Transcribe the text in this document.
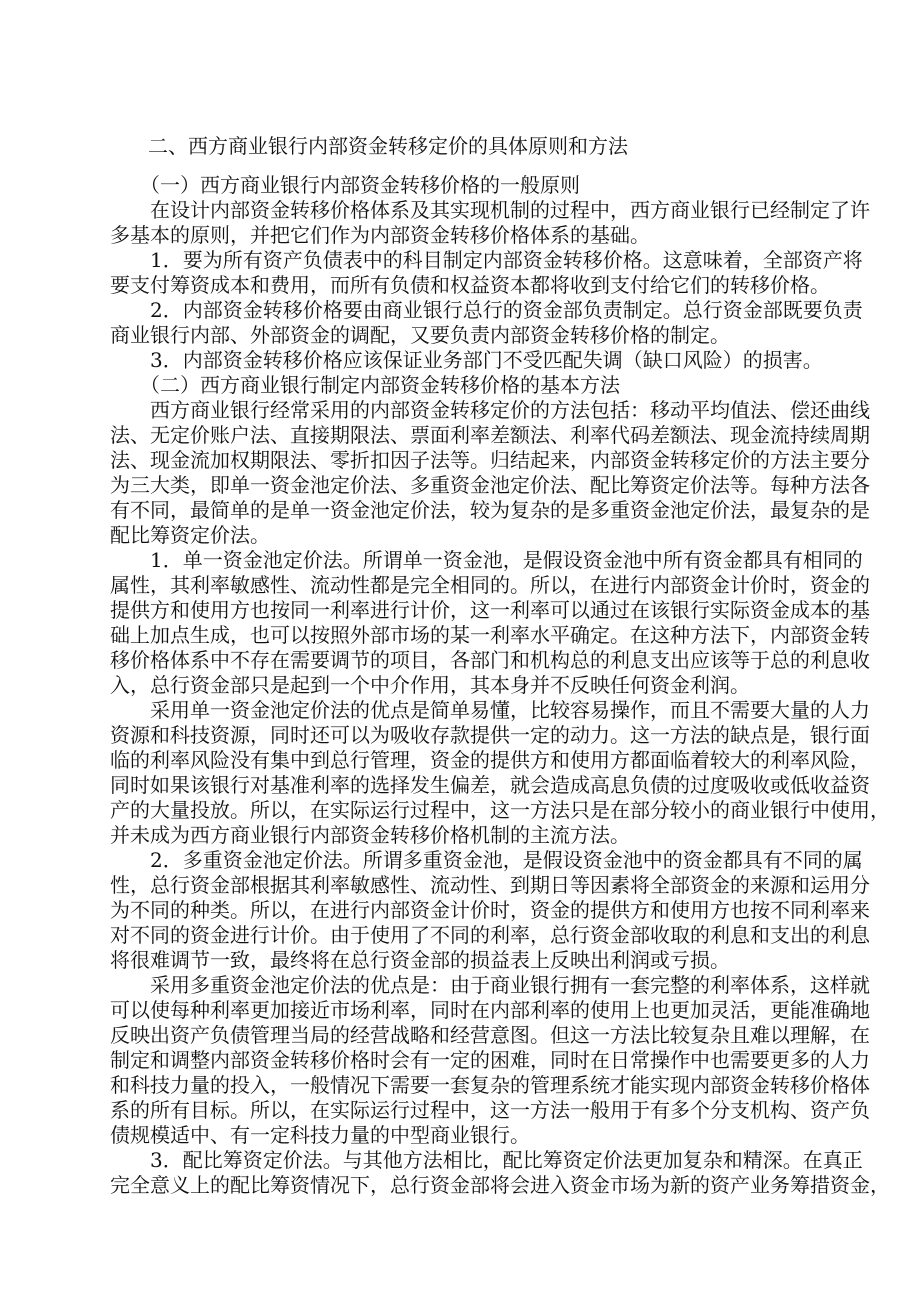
二、西方商业银行内部资金转移定价的具体原则和方法
（一）西方商业银行内部资金转移价格的一般原则
在设计内部资金转移价格体系及其实现机制的过程中，西方商业银行已经制定了许
多基本的原则，并把它们作为内部资金转移价格体系的基础。
1．要为所有资产负债表中的科目制定内部资金转移价格。这意味着，全部资产将
要支付筹资成本和费用，而所有负债和权益资本都将收到支付给它们的转移价格。
2．内部资金转移价格要由商业银行总行的资金部负责制定。总行资金部既要负责
商业银行内部、外部资金的调配，又要负责内部资金转移价格的制定。
3．内部资金转移价格应该保证业务部门不受匹配失调（缺口风险）的损害。
（二）西方商业银行制定内部资金转移价格的基本方法
西方商业银行经常采用的内部资金转移定价的方法包括：移动平均值法、偿还曲线
法、无定价账户法、直接期限法、票面利率差额法、利率代码差额法、现金流持续周期
法、现金流加权期限法、零折扣因子法等。归结起来，内部资金转移定价的方法主要分
为三大类，即单一资金池定价法、多重资金池定价法、配比筹资定价法等。每种方法各
有不同，最简单的是单一资金池定价法，较为复杂的是多重资金池定价法，最复杂的是
配比筹资定价法。
1．单一资金池定价法。所谓单一资金池，是假设资金池中所有资金都具有相同的
属性，其利率敏感性、流动性都是完全相同的。所以，在进行内部资金计价时，资金的
提供方和使用方也按同一利率进行计价，这一利率可以通过在该银行实际资金成本的基
础上加点生成，也可以按照外部市场的某一利率水平确定。在这种方法下，内部资金转
移价格体系中不存在需要调节的项目，各部门和机构总的利息支出应该等于总的利息收
入，总行资金部只是起到一个中介作用，其本身并不反映任何资金利润。
采用单一资金池定价法的优点是简单易懂，比较容易操作，而且不需要大量的人力
资源和科技资源，同时还可以为吸收存款提供一定的动力。这一方法的缺点是，银行面
临的利率风险没有集中到总行管理，资金的提供方和使用方都面临着较大的利率风险，
同时如果该银行对基准利率的选择发生偏差，就会造成高息负债的过度吸收或低收益资
产的大量投放。所以，在实际运行过程中，这一方法只是在部分较小的商业银行中使用，
并未成为西方商业银行内部资金转移价格机制的主流方法。
2．多重资金池定价法。所谓多重资金池，是假设资金池中的资金都具有不同的属
性，总行资金部根据其利率敏感性、流动性、到期日等因素将全部资金的来源和运用分
为不同的种类。所以，在进行内部资金计价时，资金的提供方和使用方也按不同利率来
对不同的资金进行计价。由于使用了不同的利率，总行资金部收取的利息和支出的利息
将很难调节一致，最终将在总行资金部的损益表上反映出利润或亏损。
采用多重资金池定价法的优点是：由于商业银行拥有一套完整的利率体系，这样就
可以使每种利率更加接近市场利率，同时在内部利率的使用上也更加灵活，更能准确地
反映出资产负债管理当局的经营战略和经营意图。但这一方法比较复杂且难以理解，在
制定和调整内部资金转移价格时会有一定的困难，同时在日常操作中也需要更多的人力
和科技力量的投入，一般情况下需要一套复杂的管理系统才能实现内部资金转移价格体
系的所有目标。所以，在实际运行过程中，这一方法一般用于有多个分支机构、资产负
债规模适中、有一定科技力量的中型商业银行。
3．配比筹资定价法。与其他方法相比，配比筹资定价法更加复杂和精深。在真正
完全意义上的配比筹资情况下，总行资金部将会进入资金市场为新的资产业务筹措资金，
